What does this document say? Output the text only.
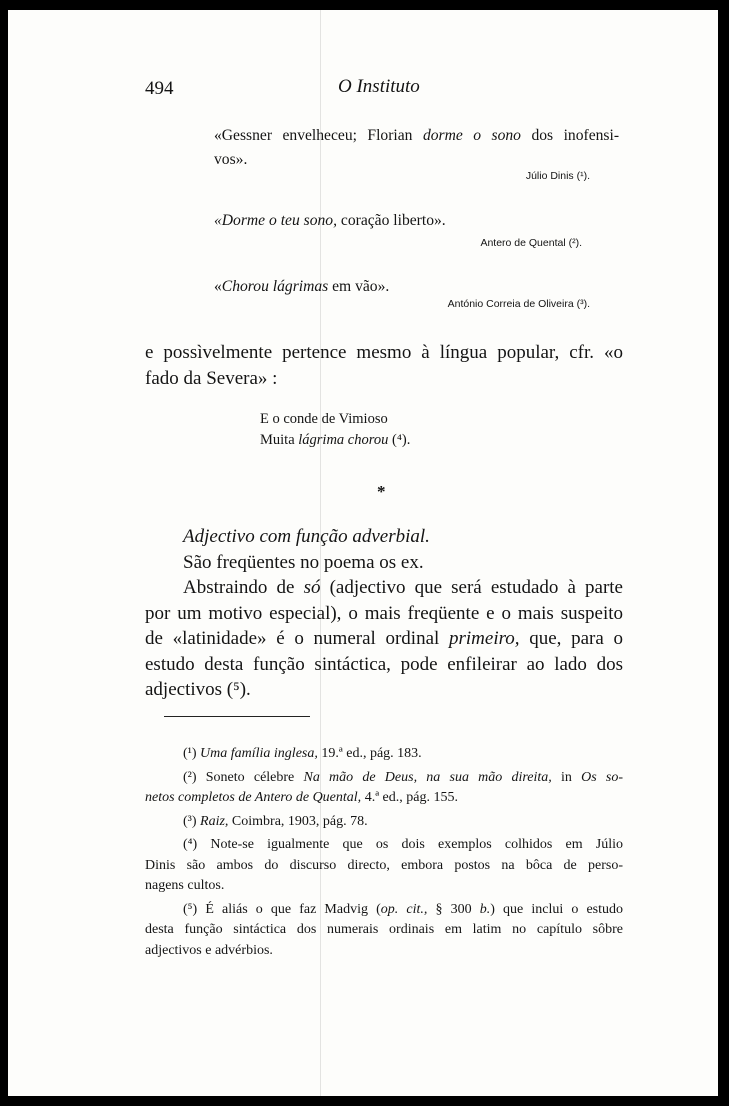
494	O Instituto
«Gessner envelheceu; Florian dorme o sono dos inofensi-
vos».
Júlio Dinis (¹).
«Dorme o teu sono, coração liberto».
Antero de Quental (²).
«Chorou lágrimas em vão».
António Correia de Oliveira (³).
e possìvelmente pertence mesmo à língua popular, cfr. «o
fado da Severa» :
E o conde de Vimioso
Muita lágrima chorou (⁴).
*
Adjectivo com função adverbial.
São freqüentes no poema os ex.
Abstraindo de só (adjectivo que será estudado à parte
por um motivo especial), o mais freqüente e o mais suspeito
de «latinidade» é o numeral ordinal primeiro, que, para o
estudo desta função sintáctica, pode enfileirar ao lado dos
adjectivos (⁵).
(¹) Uma família inglesa, 19.ª ed., pág. 183.
(²) Soneto célebre Na mão de Deus, na sua mão direita, in Os so-
netos completos de Antero de Quental, 4.ª ed., pág. 155.
(³) Raiz, Coimbra, 1903, pág. 78.
(⁴) Note-se igualmente que os dois exemplos colhidos em Júlio
Dinis são ambos do discurso directo, embora postos na bôca de perso-
nagens cultos.
(⁵) É aliás o que faz Madvig (op. cit., § 300 b.) que inclui o estudo
desta função sintáctica dos numerais ordinais em latim no capítulo sôbre
adjectivos e advérbios.
